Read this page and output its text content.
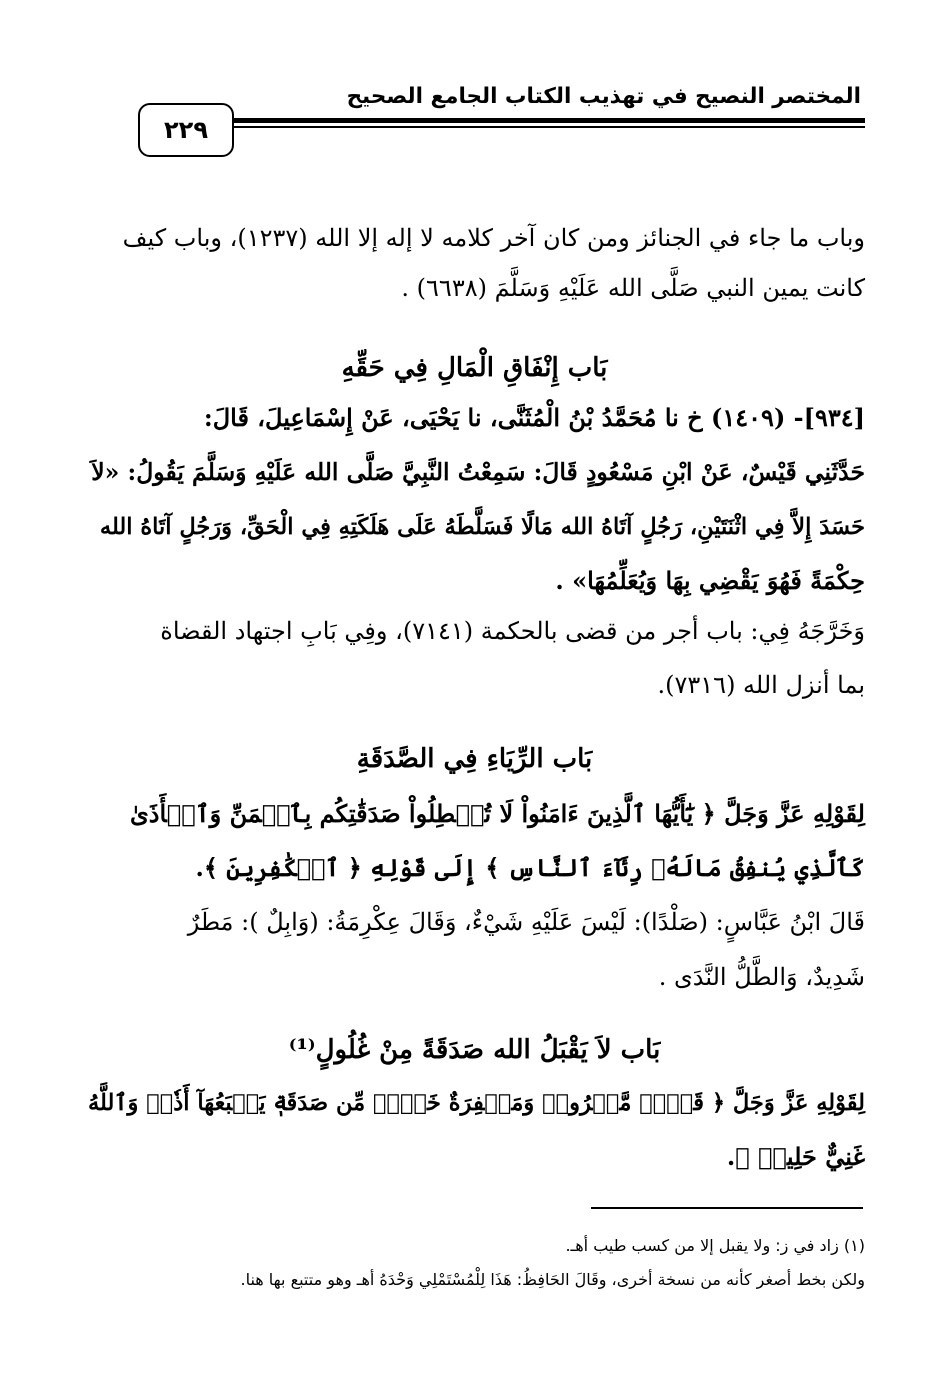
المختصر النصيح في تهذيب الكتاب الجامع الصحيح
٢٢٩
وباب ما جاء في الجنائز ومن كان آخر كلامه لا إله إلا الله (١٢٣٧)، وباب كيف
كانت يمين النبي صَلَّى الله عَلَيْهِ وَسَلَّمَ (٦٦٣٨) .
بَاب إِنْفَاقِ الْمَالِ فِي حَقِّهِ
[٩٣٤]- (١٤٠٩) خ نا مُحَمَّدُ بْنُ الْمُثَنَّى، نا يَحْيَى، عَنْ إِسْمَاعِيلَ، قَالَ:
حَدَّثَنِي قَيْسٌ، عَنْ ابْنِ مَسْعُودٍ قَالَ: سَمِعْتُ النَّبِيَّ صَلَّى الله عَلَيْهِ وَسَلَّمَ يَقُولُ: «لاَ
حَسَدَ إِلاَّ فِي اثْنَتَيْنِ، رَجُلٍ آتَاهُ الله مَالًا فَسَلَّطَهُ عَلَى هَلَكَتِهِ فِي الْحَقِّ، وَرَجُلٍ آتَاهُ الله
حِكْمَةً فَهُوَ يَقْضِي بِهَا وَيُعَلِّمُهَا» .
وَخَرَّجَهُ فِي: باب أجر من قضى بالحكمة (٧١٤١)، وفِي بَابِ اجتهاد القضاة
بما أنزل الله (٧٣١٦).
بَاب الرِّيَاءِ فِي الصَّدَقَةِ
لِقَوْلِهِ عَزَّ وَجَلَّ ﴿ يَٰٓأَيُّهَا ٱلَّذِينَ ءَامَنُواْ لَا تُبۡطِلُواْ صَدَقَٰتِكُم بِٱلۡمَنِّ وَٱلۡأَذَىٰ
كَٱلَّذِي يُنفِقُ مَالَهُۥ رِئَآءَ ٱلنَّاسِ ﴾ إِلَى قَوْلِهِ ﴿ ٱلۡكَٰفِرِينَ ﴾.
قَالَ ابْنُ عَبَّاسٍ: (صَلْدًا): لَيْسَ عَلَيْهِ شَيْءٌ، وَقَالَ عِكْرِمَةُ: (وَابِلٌ ): مَطَرٌ
شَدِيدٌ، وَالطَّلُّ النَّدَى .
بَاب لاَ يَقْبَلُ الله صَدَقَةً مِنْ غُلُولٍ⁽¹⁾
لِقَوْلِهِ عَزَّ وَجَلَّ ﴿ قَوۡلٞ مَّعۡرُوفٞ وَمَغۡفِرَةٌ خَيۡرٞ مِّن صَدَقَةٖ يَتۡبَعُهَآ أَذٗىۗ وَٱللَّهُ
غَنِيٌّ حَلِيمٞ ﴾.
(١) زاد في ز: ولا يقبل إلا من كسب طيب أهـ.
ولكن بخط أصغر كأنه من نسخة أخرى، وقَالَ الحَافِظُ: هَذَا لِلْمُسْتَمْلِي وَحْدَهُ أهـ وهو متتبع بها هنا.
